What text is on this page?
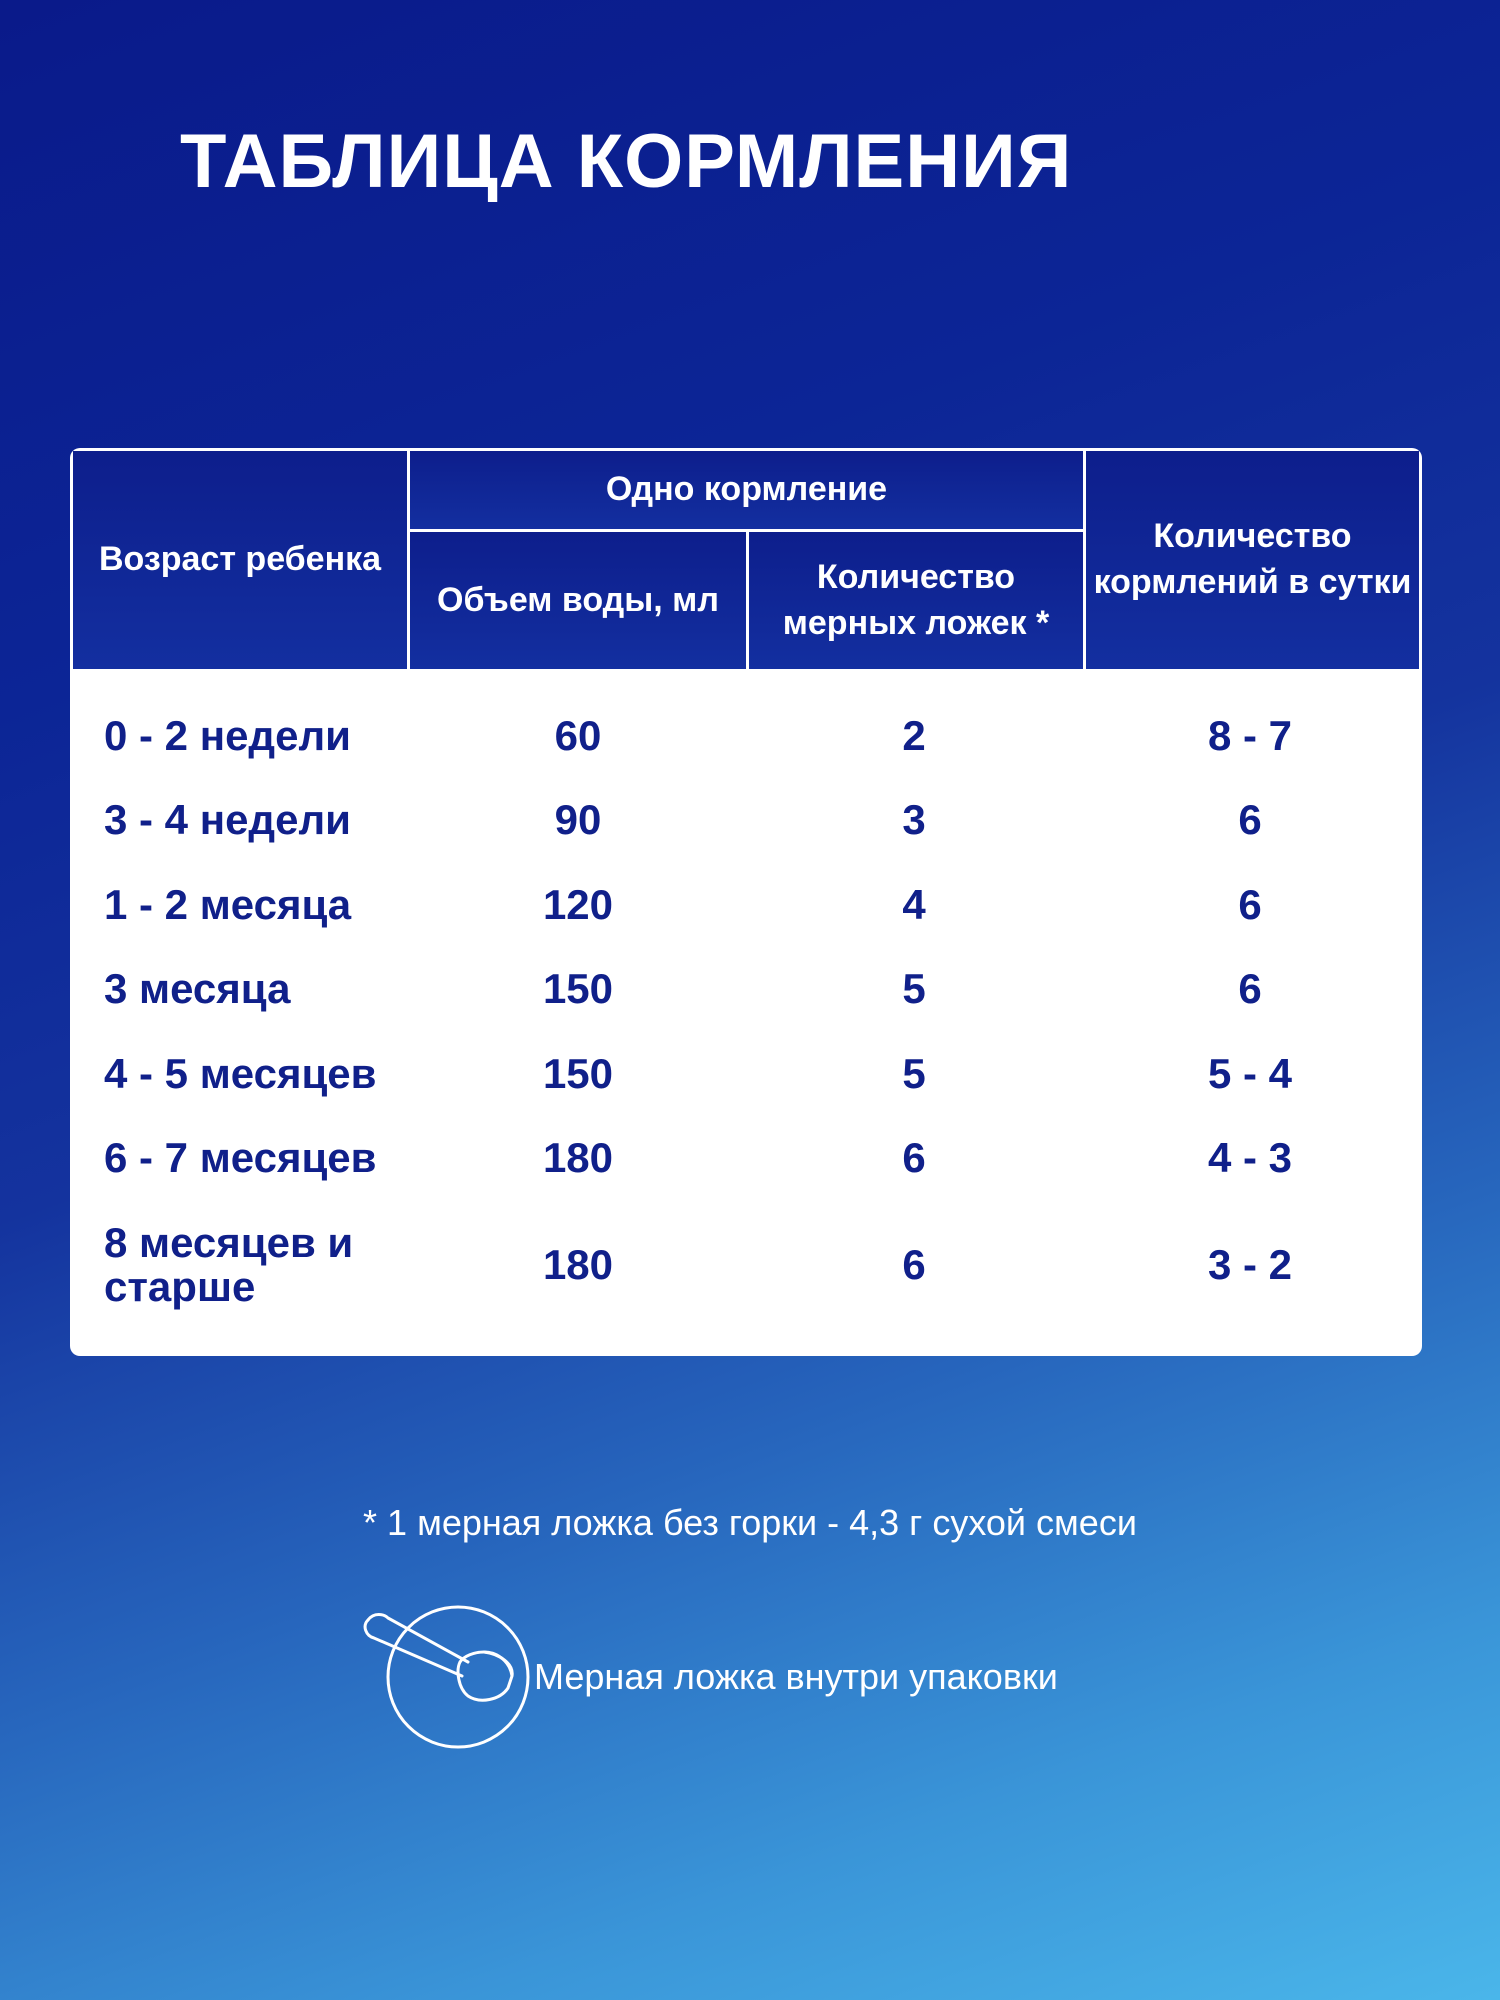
ТАБЛИЦА КОРМЛЕНИЯ
Возраст ребенка
Одно кормление
Объем воды, мл
Количество
мерных ложек *
Количество
кормлений в сутки
0 - 2 недели	60	2	8 - 7
3 - 4 недели	90	3	6
1 - 2 месяца	120	4	6
3 месяца	150	5	6
4 - 5 месяцев	150	5	5 - 4
6 - 7 месяцев	180	6	4 - 3
8 месяцев и старше	180	6	3 - 2
* 1 мерная ложка без горки - 4,3 г сухой смеси
Мерная ложка внутри упаковки
